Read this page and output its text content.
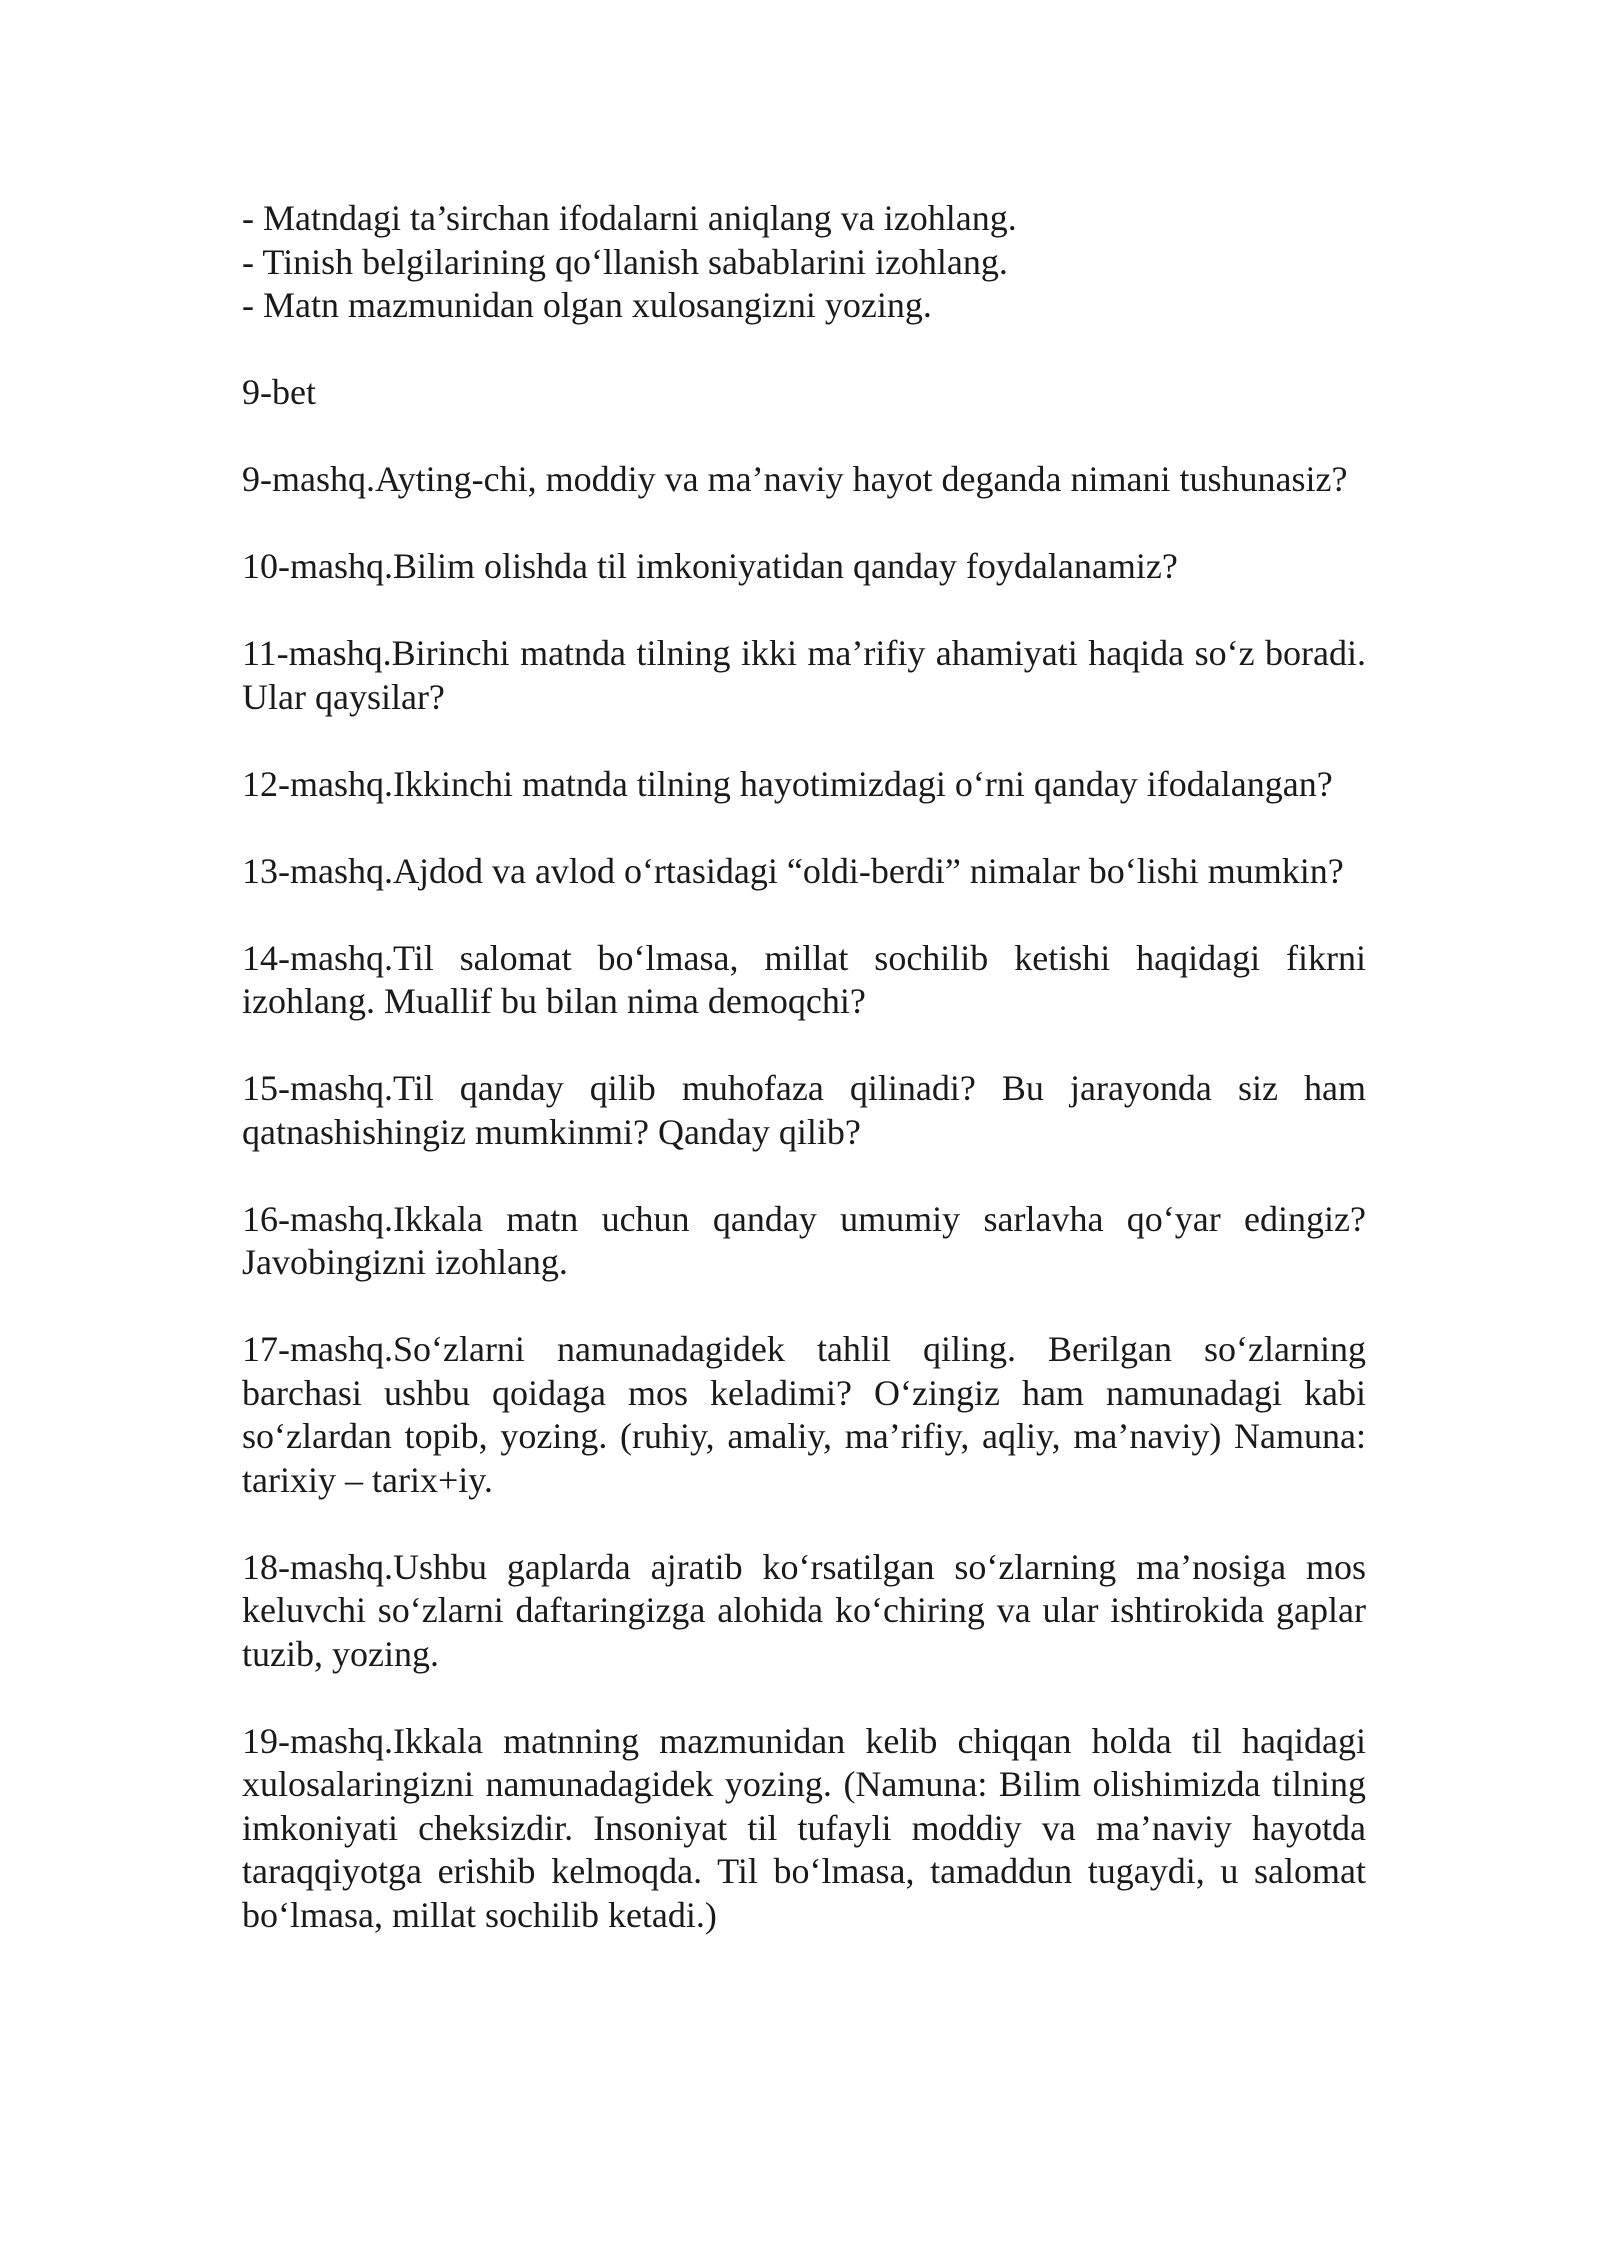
- Matndagi ta’sirchan ifodalarni aniqlang va izohlang.

- Tinish belgilarining qo‘llanish sabablarini izohlang.

- Matn mazmunidan olgan xulosangizni yozing.

9-bet

9-mashq.Ayting-chi, moddiy va ma’naviy hayot deganda nimani tushunasiz?

10-mashq.Bilim olishda til imkoniyatidan qanday foydalanamiz?

11-mashq.Birinchi matnda tilning ikki ma’rifiy ahamiyati haqida so‘z boradi. Ular qaysilar?

12-mashq.Ikkinchi matnda tilning hayotimizdagi o‘rni qanday ifodalangan?

13-mashq.Ajdod va avlod o‘rtasidagi “oldi-berdi” nimalar bo‘lishi mumkin?

14-mashq.Til salomat bo‘lmasa, millat sochilib ketishi haqidagi fikrni izohlang. Muallif bu bilan nima demoqchi?

15-mashq.Til qanday qilib muhofaza qilinadi? Bu jarayonda siz ham qatnashishingiz mumkinmi? Qanday qilib?

16-mashq.Ikkala matn uchun qanday umumiy sarlavha qo‘yar edingiz? Javobingizni izohlang.

17-mashq.So‘zlarni namunadagidek tahlil qiling. Berilgan so‘zlarning barchasi ushbu qoidaga mos keladimi? O‘zingiz ham namunadagi kabi so‘zlardan topib, yozing. (ruhiy, amaliy, ma’rifiy, aqliy, ma’naviy) Namuna: tarixiy – tarix+iy.

18-mashq.Ushbu gaplarda ajratib ko‘rsatilgan so‘zlarning ma’nosiga mos keluvchi so‘zlarni daftaringizga alohida ko‘chiring va ular ishtirokida gaplar tuzib, yozing.

19-mashq.Ikkala matnning mazmunidan kelib chiqqan holda til haqidagi xulosalaringizni namunadagidek yozing. (Namuna: Bilim olishimizda tilning imkoniyati cheksizdir. Insoniyat til tufayli moddiy va ma’naviy hayotda taraqqiyotga erishib kelmoqda. Til bo‘lmasa, tamaddun tugaydi, u salomat bo‘lmasa, millat sochilib ketadi.)
